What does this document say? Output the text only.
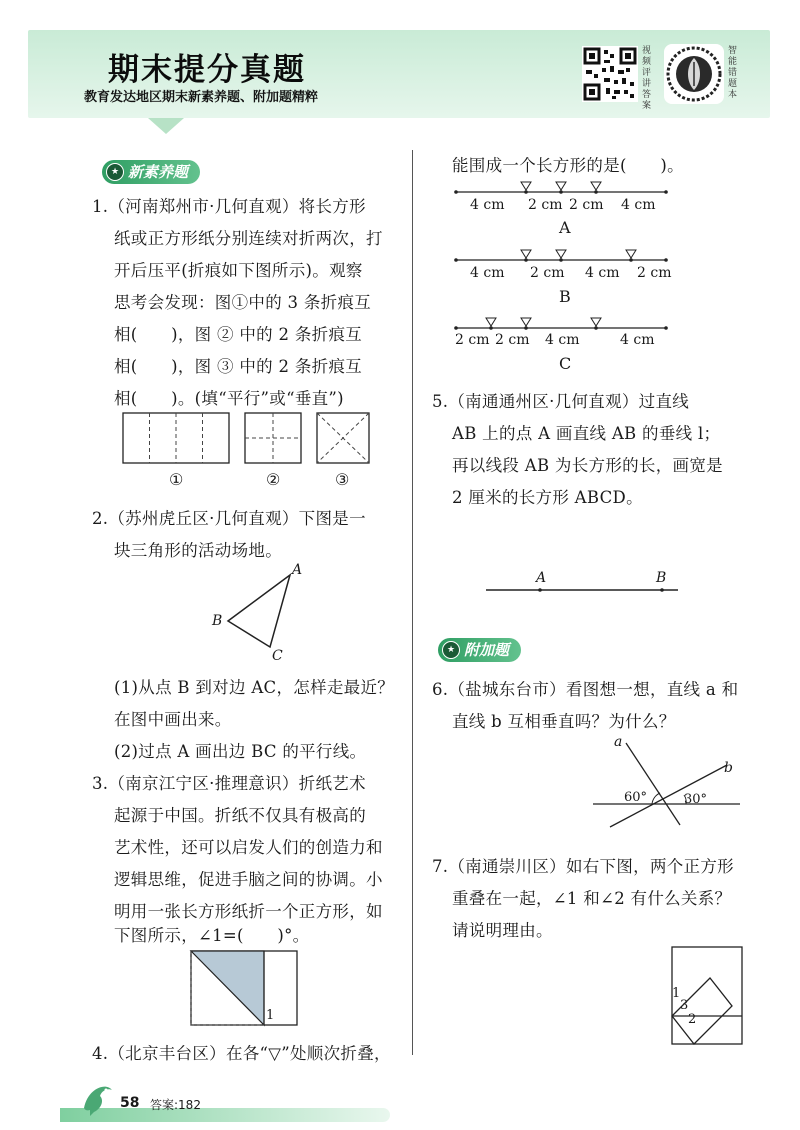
期末提分真题
教育发达地区期末新素养题、附加题精粹
视频评讲答案
智能错题本
★ 新素养题
1.（河南郑州市·几何直观）将长方形
纸或正方形纸分别连续对折两次，打
开后压平(折痕如下图所示)。观察
思考会发现：图①中的 3 条折痕互
相(　　)，图 ② 中的 2 条折痕互
相(　　)，图 ③ 中的 2 条折痕互
相(　　)。(填“平行”或“垂直”)
①	②	③
2.（苏州虎丘区·几何直观）下图是一
块三角形的活动场地。
A
B
C
(1)从点 B 到对边 AC，怎样走最近？
在图中画出来。
(2)过点 A 画出边 BC 的平行线。
3.（南京江宁区·推理意识）折纸艺术
起源于中国。折纸不仅具有极高的
艺术性，还可以启发人们的创造力和
逻辑思维，促进手脑之间的协调。小
明用一张长方形纸折一个正方形，如
下图所示，∠1=(　　)°。
1
4.（北京丰台区）在各“▽”处顺次折叠，
能围成一个长方形的是(　　)。
4 cm 2 cm 2 cm 4 cm
A
4 cm 2 cm 4 cm 2 cm
B
2 cm 2 cm 4 cm	4 cm
C
5.（南通通州区·几何直观）过直线
AB 上的点 A 画直线 AB 的垂线 l；
再以线段 AB 为长方形的长，画宽是
2 厘米的长方形 ABCD。
A	B
★ 附加题
6.（盐城东台市）看图想一想，直线 a 和
直线 b 互相垂直吗？为什么？
a
b
60°	30°
7.（南通崇川区）如右下图，两个正方形
重叠在一起，∠1 和∠2 有什么关系？
请说明理由。
1
3
2
58 答案:182
